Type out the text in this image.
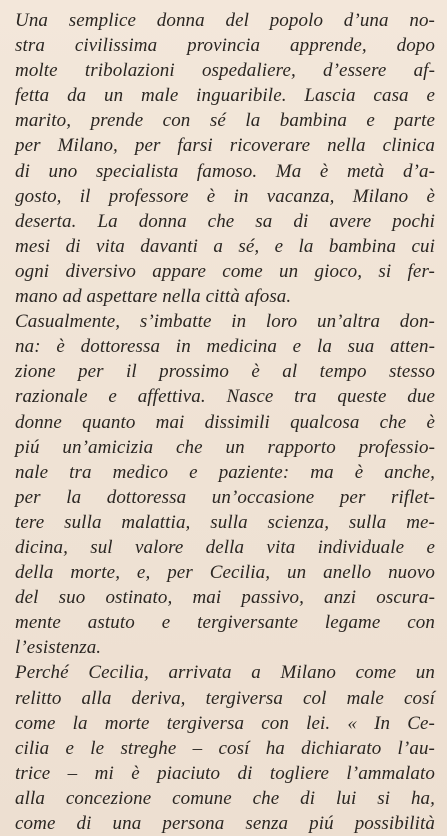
Una semplice donna del popolo d’una no-
stra civilissima provincia apprende, dopo
molte tribolazioni ospedaliere, d’essere af-
fetta da un male inguaribile. Lascia casa e
marito, prende con sé la bambina e parte
per Milano, per farsi ricoverare nella clinica
di uno specialista famoso. Ma è metà d’a-
gosto, il professore è in vacanza, Milano è
deserta. La donna che sa di avere pochi
mesi di vita davanti a sé, e la bambina cui
ogni diversivo appare come un gioco, si fer-
mano ad aspettare nella città afosa.
Casualmente, s’imbatte in loro un’altra don-
na: è dottoressa in medicina e la sua atten-
zione per il prossimo è al tempo stesso
razionale e affettiva. Nasce tra queste due
donne quanto mai dissimili qualcosa che è
piú un’amicizia che un rapporto professio-
nale tra medico e paziente: ma è anche,
per la dottoressa un’occasione per riflet-
tere sulla malattia, sulla scienza, sulla me-
dicina, sul valore della vita individuale e
della morte, e, per Cecilia, un anello nuovo
del suo ostinato, mai passivo, anzi oscura-
mente astuto e tergiversante legame con
l’esistenza.
Perché Cecilia, arrivata a Milano come un
relitto alla deriva, tergiversa col male cosí
come la morte tergiversa con lei. « In Ce-
cilia e le streghe – cosí ha dichiarato l’au-
trice – mi è piaciuto di togliere l’ammalato
alla concezione comune che di lui si ha,
come di una persona senza piú possibilità
